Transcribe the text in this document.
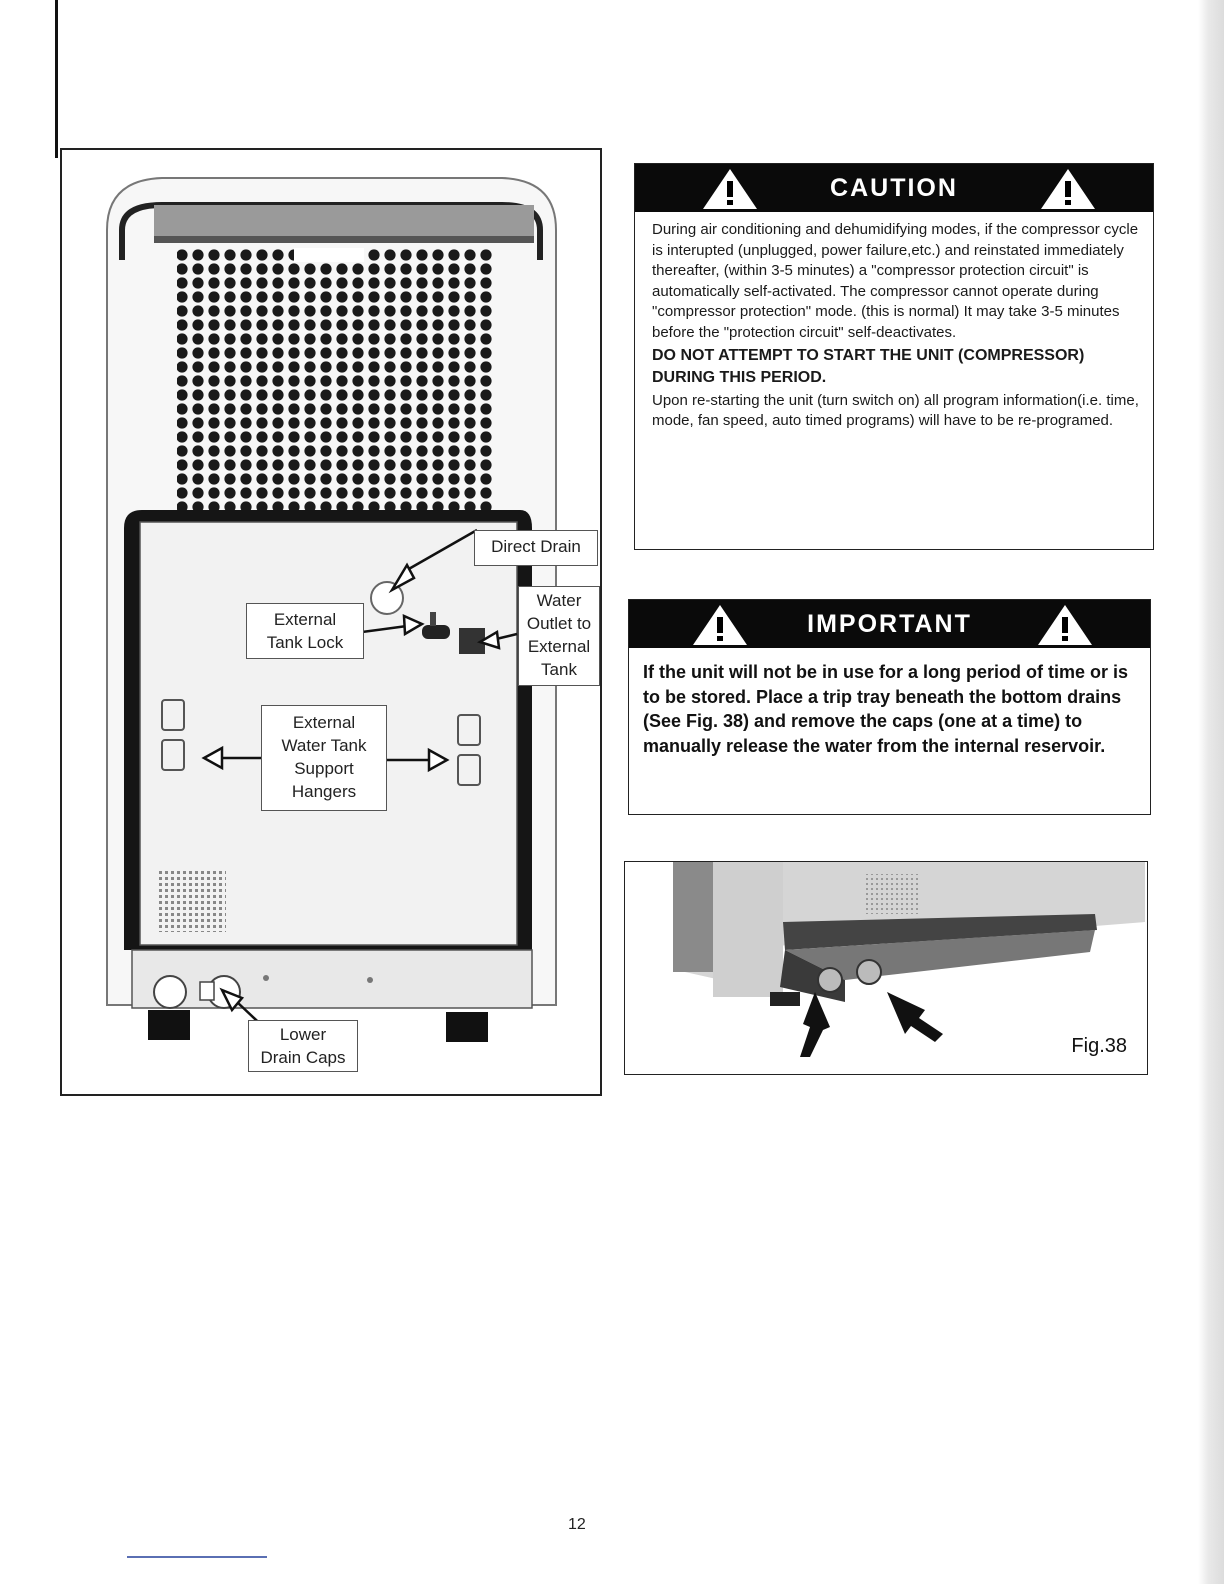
Direct Drain
Water
Outlet to
External
Tank
External
Tank Lock
External
Water Tank
Support
Hangers
Lower
Drain Caps
CAUTION

During air conditioning and dehumidifying modes, if the compressor cycle is interupted (unplugged, power failure,etc.) and reinstated immediately thereafter, (within 3-5 minutes) a "compressor protection circuit" is automatically self-activated. The compressor cannot operate during "compressor protection" mode. (this is normal) It may take 3-5 minutes before the "protection circuit" self-deactivates.

DO NOT ATTEMPT TO START THE UNIT (COMPRESSOR) DURING THIS PERIOD.

Upon re-starting the unit (turn switch on) all program information(i.e. time, mode, fan speed, auto timed programs) will have to be re-programed.

IMPORTANT
If the unit will not be in use for a long period of time or is to be stored. Place a trip tray beneath the bottom drains (See Fig. 38) and remove the caps (one at a time) to manually release the water from the internal reservoir.
Fig.38
12
